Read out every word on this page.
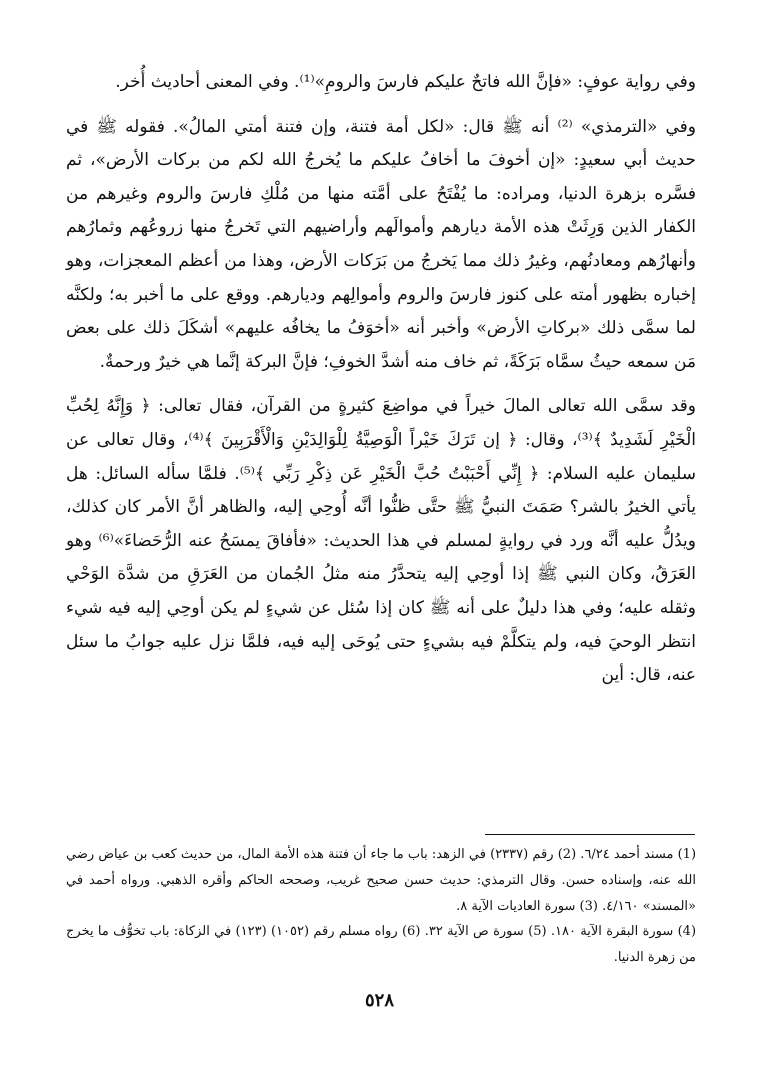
وفي رواية عوفٍ: «فإنَّ الله فاتحٌ عليكم فارسَ والرومِ»⁽¹⁾. وفي المعنى أحاديث أُخر.

وفي «الترمذي» ⁽²⁾ أنه ﷺ قال: «لكل أمة فتنة، وإن فتنة أمتي المالُ». فقوله ﷺ في حديث أبي سعيدٍ: «إن أخوفَ ما أخافُ عليكم ما يُخرجُ الله لكم من بركات الأرض»، ثم فسَّره بزهرة الدنيا، ومراده: ما يُفْتَحُ على أمَّته منها من مُلْكِ فارسَ والروم وغيرهم من الكفار الذين وَرِثَتْ هذه الأمة ديارهم وأموالَهم وأراضيهم التي تَخرجُ منها زروعُهم وثمارُهم وأنهارُهم ومعادنُهم، وغيرُ ذلك مما يَخرجُ من بَرَكات الأرض، وهذا من أعظم المعجزات، وهو إخباره بظهور أمته على كنوز فارسَ والروم وأموالِهم وديارهم. ووقع على ما أخبر به؛ ولكنَّه لما سمَّى ذلك «بركاتِ الأرض» وأخبر أنه «أخوَفُ ما يخافُه عليهم» أشكَلَ ذلك على بعض مَن سمعه حيثُ سمَّاه بَرَكَةً، ثم خاف منه أشدَّ الخوفِ؛ فإنَّ البركة إنَّما هي خيرٌ ورحمةٌ.

وقد سمَّى الله تعالى المالَ خيراً في مواضِعَ كثيرةٍ من القرآن، فقال تعالى: ﴿ وَإِنَّهُ لِحُبِّ الْخَيْرِ لَشَدِيدٌ ﴾⁽³⁾، وقال: ﴿ إن تَرَكَ خَيْراً الْوَصِيَّةُ لِلْوَالِدَيْنِ وَالْأَقْرَبِينَ ﴾⁽⁴⁾، وقال تعالى عن سليمان عليه السلام: ﴿ إِنِّي أَحْبَبْتُ حُبَّ الْخَيْرِ عَن ذِكْرِ رَبِّي ﴾⁽⁵⁾. فلمَّا سأله السائل: هل يأتي الخيرُ بالشر؟ صَمَتَ النبيُّ ﷺ حتَّى ظنُّوا أنَّه أُوحِي إليه، والظاهر أنَّ الأمر كان كذلك، ويدُلُّ عليه أنَّه ورد في روايةٍ لمسلم في هذا الحديث: «فأفاقَ يمسَحُ عنه الرُّحَضاءَ»⁽⁶⁾ وهو العَرَقُ، وكان النبي ﷺ إذا أوحِي إليه يتحدَّرُ منه مثلُ الجُمان من العَرَقِ من شدَّة الوَحْي وثقله عليه؛ وفي هذا دليلٌ على أنه ﷺ كان إذا سُئل عن شيءٍ لم يكن أوحِي إليه فيه شيء انتظر الوحيَ فيه، ولم يتكلَّمْ فيه بشيءٍ حتى يُوحَى إليه فيه، فلمَّا نزل عليه جوابُ ما سئل عنه، قال: أين

(1) مسند أحمد ٦/٢٤. (2) رقم (٢٣٣٧) في الزهد: باب ما جاء أن فتنة هذه الأمة المال، من حديث كعب بن عياض رضي الله عنه، وإسناده حسن. وقال الترمذي: حديث حسن صحيح غريب، وصححه الحاكم وأقره الذهبي. ورواه أحمد في «المسند» ٤/١٦٠. (3) سورة العاديات الآية ٨.

(4) سورة البقرة الآية ١٨٠. (5) سورة ص الآية ٣٢. (6) رواه مسلم رقم (١٠٥٢) (١٢٣) في الزكاة: باب تخوُّف ما يخرج من زهرة الدنيا.

٥٢٨
